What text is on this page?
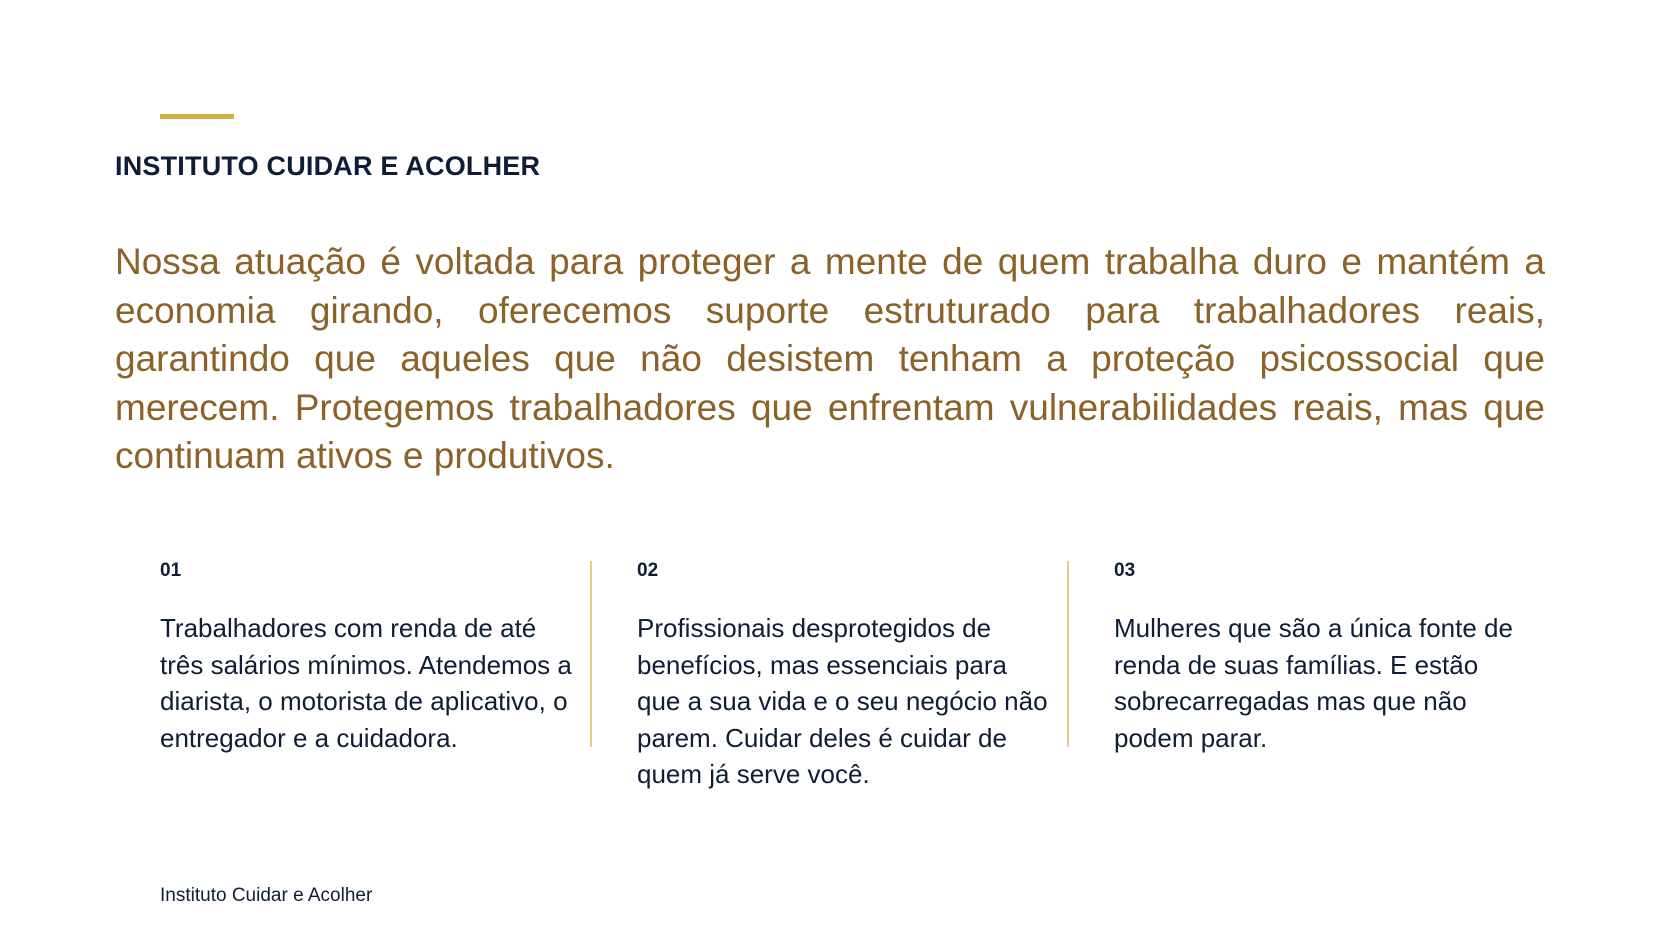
INSTITUTO CUIDAR E ACOLHER

Nossa atuação é voltada para proteger a mente de quem trabalha duro e mantém a economia girando, oferecemos suporte estruturado para trabalhadores reais, garantindo que aqueles que não desistem tenham a proteção psicossocial que merecem. Protegemos trabalhadores que enfrentam vulnerabilidades reais, mas que continuam ativos e produtivos.

01

Trabalhadores com renda de até três salários mínimos. Atendemos a diarista, o motorista de aplicativo, o entregador e a cuidadora.

02

Profissionais desprotegidos de benefícios, mas essenciais para que a sua vida e o seu negócio não parem. Cuidar deles é cuidar de quem já serve você.

03

Mulheres que são a única fonte de renda de suas famílias. E estão sobrecarregadas mas que não podem parar.

Instituto Cuidar e Acolher
